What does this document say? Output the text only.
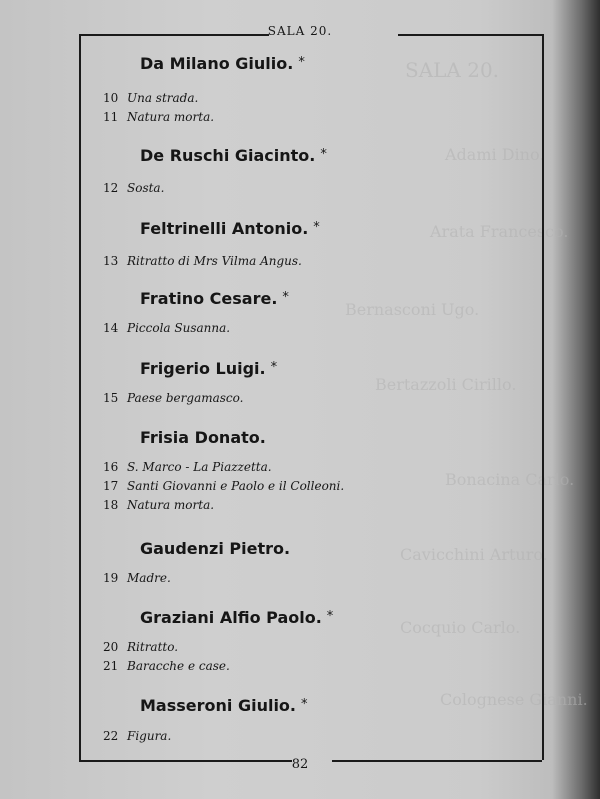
SALA 20.
Adami Dino.
Arata Francesco.
Bernasconi Ugo.
Bertazzoli Cirillo.
Bonacina Carlo.
Cavicchini Arturo.
Cocquio Carlo.
Colognese Gianni.
SALA 20.
82
Da Milano Giulio. *
10 Una strada.
11 Natura morta.
De Ruschi Giacinto. *
12 Sosta.
Feltrinelli Antonio. *
13 Ritratto di Mrs Vilma Angus.
Fratino Cesare. *
14 Piccola Susanna.
Frigerio Luigi. *
15 Paese bergamasco.
Frisia Donato.
16 S. Marco - La Piazzetta.
17 Santi Giovanni e Paolo e il Colleoni.
18 Natura morta.
Gaudenzi Pietro.
19 Madre.
Graziani Alfio Paolo. *
20 Ritratto.
21 Baracche e case.
Masseroni Giulio. *
22 Figura.
